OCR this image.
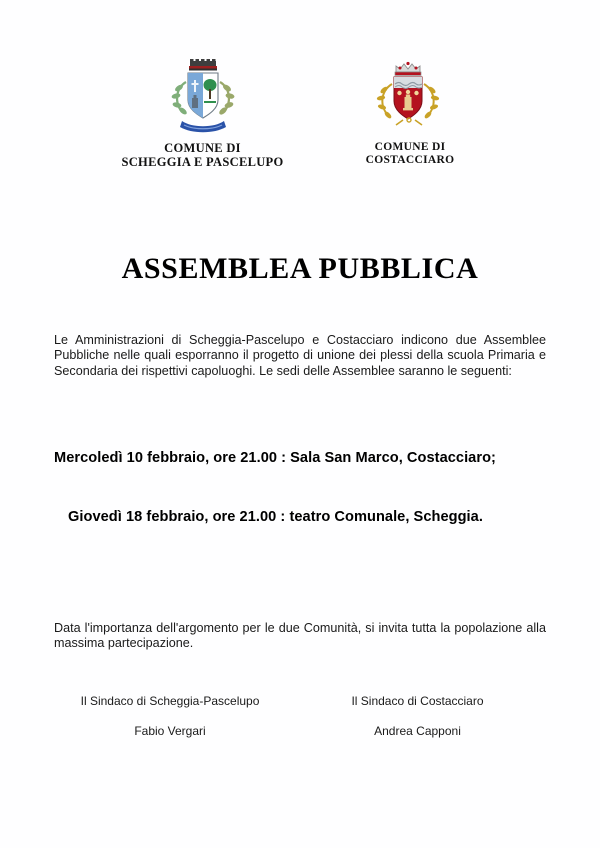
COMUNE DI
SCHEGGIA E PASCELUPO
COMUNE DI
COSTACCIARO
ASSEMBLEA PUBBLICA

Le Amministrazioni di Scheggia-Pascelupo e Costacciaro indicono due Assemblee Pubbliche nelle quali esporranno il progetto di unione dei plessi della scuola Primaria e Secondaria dei rispettivi capoluoghi. Le sedi delle Assemblee saranno le seguenti:

Mercoledì 10 febbraio, ore 21.00 : Sala San Marco, Costacciaro;
Giovedì 18 febbraio, ore 21.00 : teatro Comunale, Scheggia.

Data l'importanza dell'argomento per le due Comunità, si invita tutta la popolazione alla massima partecipazione.

Il Sindaco di Scheggia-Pascelupo
Fabio Vergari
Il Sindaco di Costacciaro
Andrea Capponi
